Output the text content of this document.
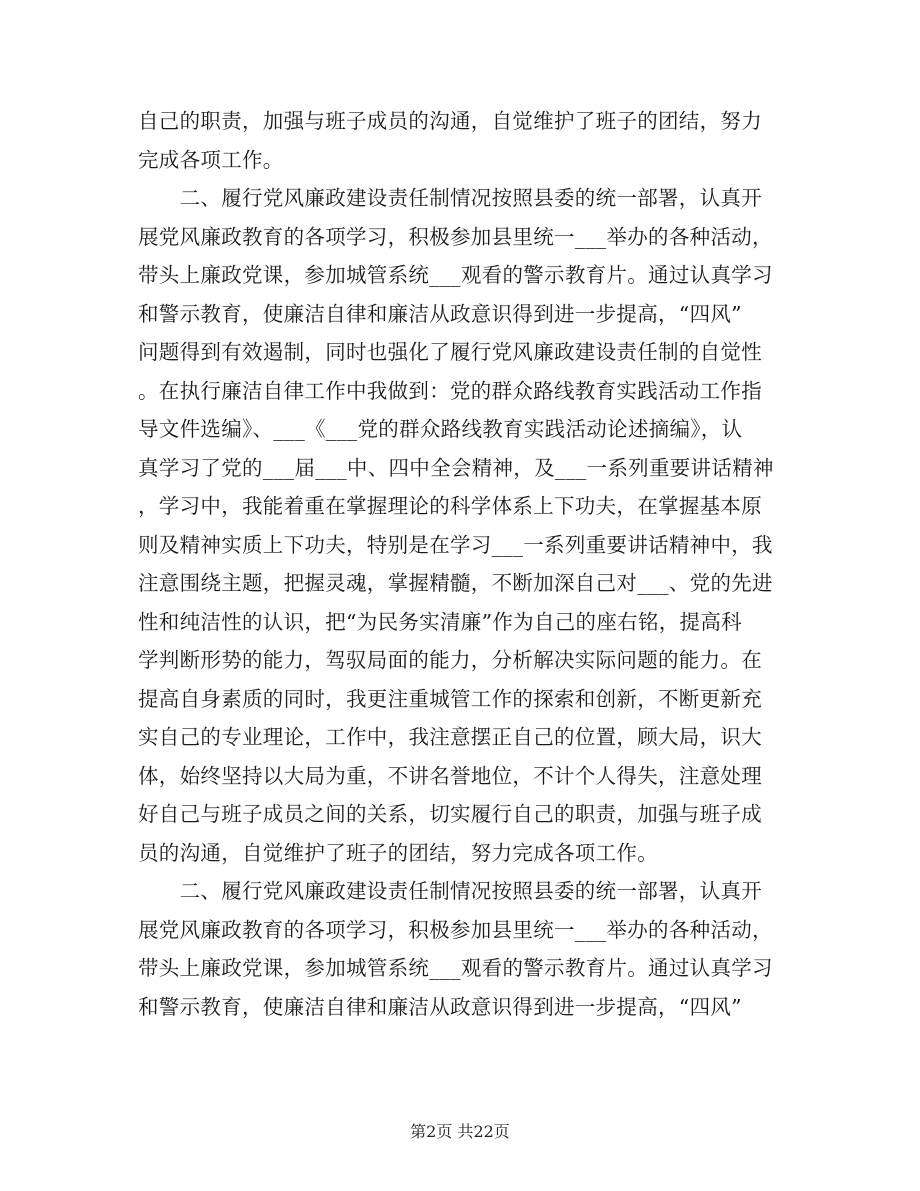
自己的职责，加强与班子成员的沟通，自觉维护了班子的团结，努力
完成各项工作。
　　二、履行党风廉政建设责任制情况按照县委的统一部署，认真开
展党风廉政教育的各项学习，积极参加县里统一___举办的各种活动，
带头上廉政党课，参加城管系统___观看的警示教育片。通过认真学习
和警示教育，使廉洁自律和廉洁从政意识得到进一步提高，“四风”
问题得到有效遏制，同时也强化了履行党风廉政建设责任制的自觉性
。在执行廉洁自律工作中我做到：党的群众路线教育实践活动工作指
导文件选编》、___《___党的群众路线教育实践活动论述摘编》，认
真学习了党的___届___中、四中全会精神，及___一系列重要讲话精神
，学习中，我能着重在掌握理论的科学体系上下功夫，在掌握基本原
则及精神实质上下功夫，特别是在学习___一系列重要讲话精神中，我
注意围绕主题，把握灵魂，掌握精髓，不断加深自己对___、党的先进
性和纯洁性的认识，把“为民务实清廉”作为自己的座右铭，提高科
学判断形势的能力，驾驭局面的能力，分析解决实际问题的能力。在
提高自身素质的同时，我更注重城管工作的探索和创新，不断更新充
实自己的专业理论，工作中，我注意摆正自己的位置，顾大局，识大
体，始终坚持以大局为重，不讲名誉地位，不计个人得失，注意处理
好自己与班子成员之间的关系，切实履行自己的职责，加强与班子成
员的沟通，自觉维护了班子的团结，努力完成各项工作。
　　二、履行党风廉政建设责任制情况按照县委的统一部署，认真开
展党风廉政教育的各项学习，积极参加县里统一___举办的各种活动，
带头上廉政党课，参加城管系统___观看的警示教育片。通过认真学习
和警示教育，使廉洁自律和廉洁从政意识得到进一步提高，“四风”
第2页 共22页
